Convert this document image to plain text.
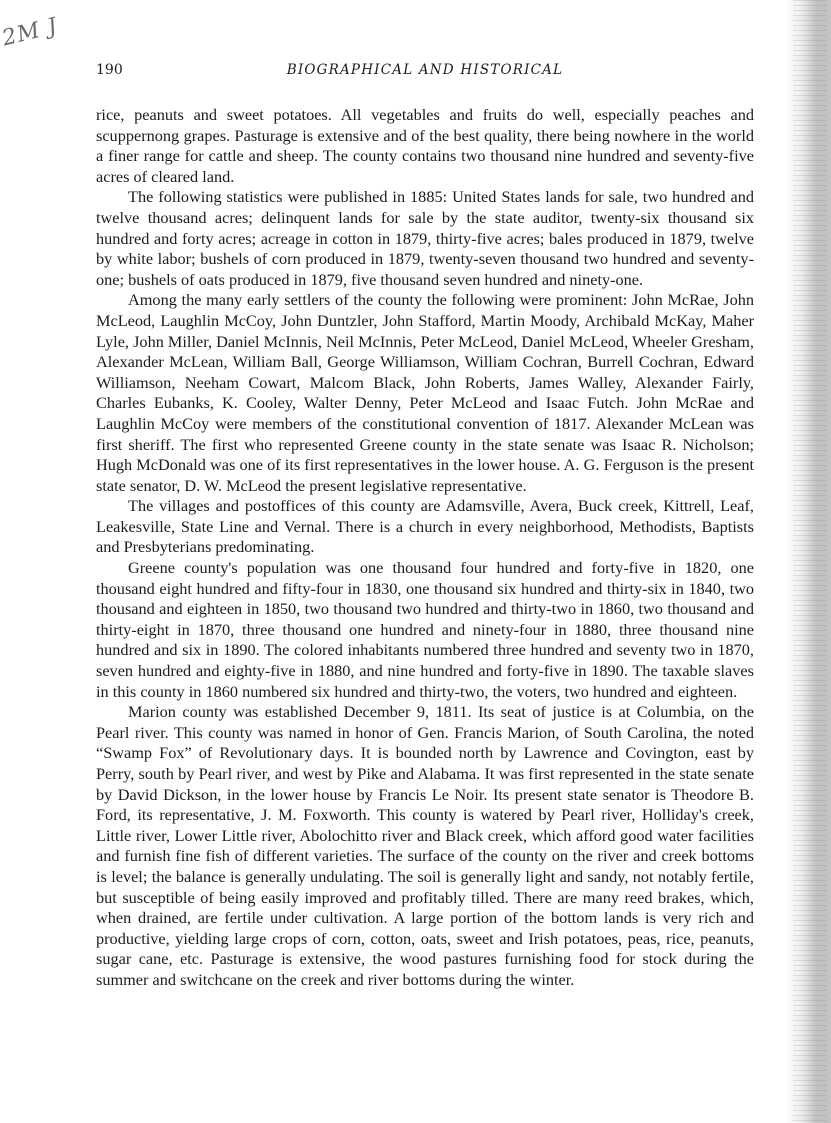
2M J
190	BIOGRAPHICAL AND HISTORICAL

rice, peanuts and sweet potatoes. All vegetables and fruits do well, especially peaches and scuppernong grapes. Pasturage is extensive and of the best quality, there being nowhere in the world a finer range for cattle and sheep. The county contains two thousand nine hundred and seventy-five acres of cleared land.

The following statistics were published in 1885: United States lands for sale, two hundred and twelve thousand acres; delinquent lands for sale by the state auditor, twenty-six thousand six hundred and forty acres; acreage in cotton in 1879, thirty-five acres; bales produced in 1879, twelve by white labor; bushels of corn produced in 1879, twenty-seven thousand two hundred and seventy-one; bushels of oats produced in 1879, five thousand seven hundred and ninety-one.

Among the many early settlers of the county the following were prominent: John McRae, John McLeod, Laughlin McCoy, John Duntzler, John Stafford, Martin Moody, Archibald McKay, Maher Lyle, John Miller, Daniel McInnis, Neil McInnis, Peter McLeod, Daniel McLeod, Wheeler Gresham, Alexander McLean, William Ball, George Williamson, William Cochran, Burrell Cochran, Edward Williamson, Neeham Cowart, Malcom Black, John Roberts, James Walley, Alexander Fairly, Charles Eubanks, K. Cooley, Walter Denny, Peter McLeod and Isaac Futch. John McRae and Laughlin McCoy were members of the constitutional convention of 1817. Alexander McLean was first sheriff. The first who represented Greene county in the state senate was Isaac R. Nicholson; Hugh McDonald was one of its first representatives in the lower house. A. G. Ferguson is the present state senator, D. W. McLeod the present legislative representative.

The villages and postoffices of this county are Adamsville, Avera, Buck creek, Kittrell, Leaf, Leakesville, State Line and Vernal. There is a church in every neighborhood, Methodists, Baptists and Presbyterians predominating.

Greene county's population was one thousand four hundred and forty-five in 1820, one thousand eight hundred and fifty-four in 1830, one thousand six hundred and thirty-six in 1840, two thousand and eighteen in 1850, two thousand two hundred and thirty-two in 1860, two thousand and thirty-eight in 1870, three thousand one hundred and ninety-four in 1880, three thousand nine hundred and six in 1890. The colored inhabitants numbered three hundred and seventy two in 1870, seven hundred and eighty-five in 1880, and nine hundred and forty-five in 1890. The taxable slaves in this county in 1860 numbered six hundred and thirty-two, the voters, two hundred and eighteen.

Marion county was established December 9, 1811. Its seat of justice is at Columbia, on the Pearl river. This county was named in honor of Gen. Francis Marion, of South Carolina, the noted “Swamp Fox” of Revolutionary days. It is bounded north by Lawrence and Covington, east by Perry, south by Pearl river, and west by Pike and Alabama. It was first represented in the state senate by David Dickson, in the lower house by Francis Le Noir. Its present state senator is Theodore B. Ford, its representative, J. M. Foxworth. This county is watered by Pearl river, Holliday's creek, Little river, Lower Little river, Abolochitto river and Black creek, which afford good water facilities and furnish fine fish of different varieties. The surface of the county on the river and creek bottoms is level; the balance is generally undulating. The soil is generally light and sandy, not notably fertile, but susceptible of being easily improved and profitably tilled. There are many reed brakes, which, when drained, are fertile under cultivation. A large portion of the bottom lands is very rich and productive, yielding large crops of corn, cotton, oats, sweet and Irish potatoes, peas, rice, peanuts, sugar cane, etc. Pasturage is extensive, the wood pastures furnishing food for stock during the summer and switchcane on the creek and river bottoms during the winter.
